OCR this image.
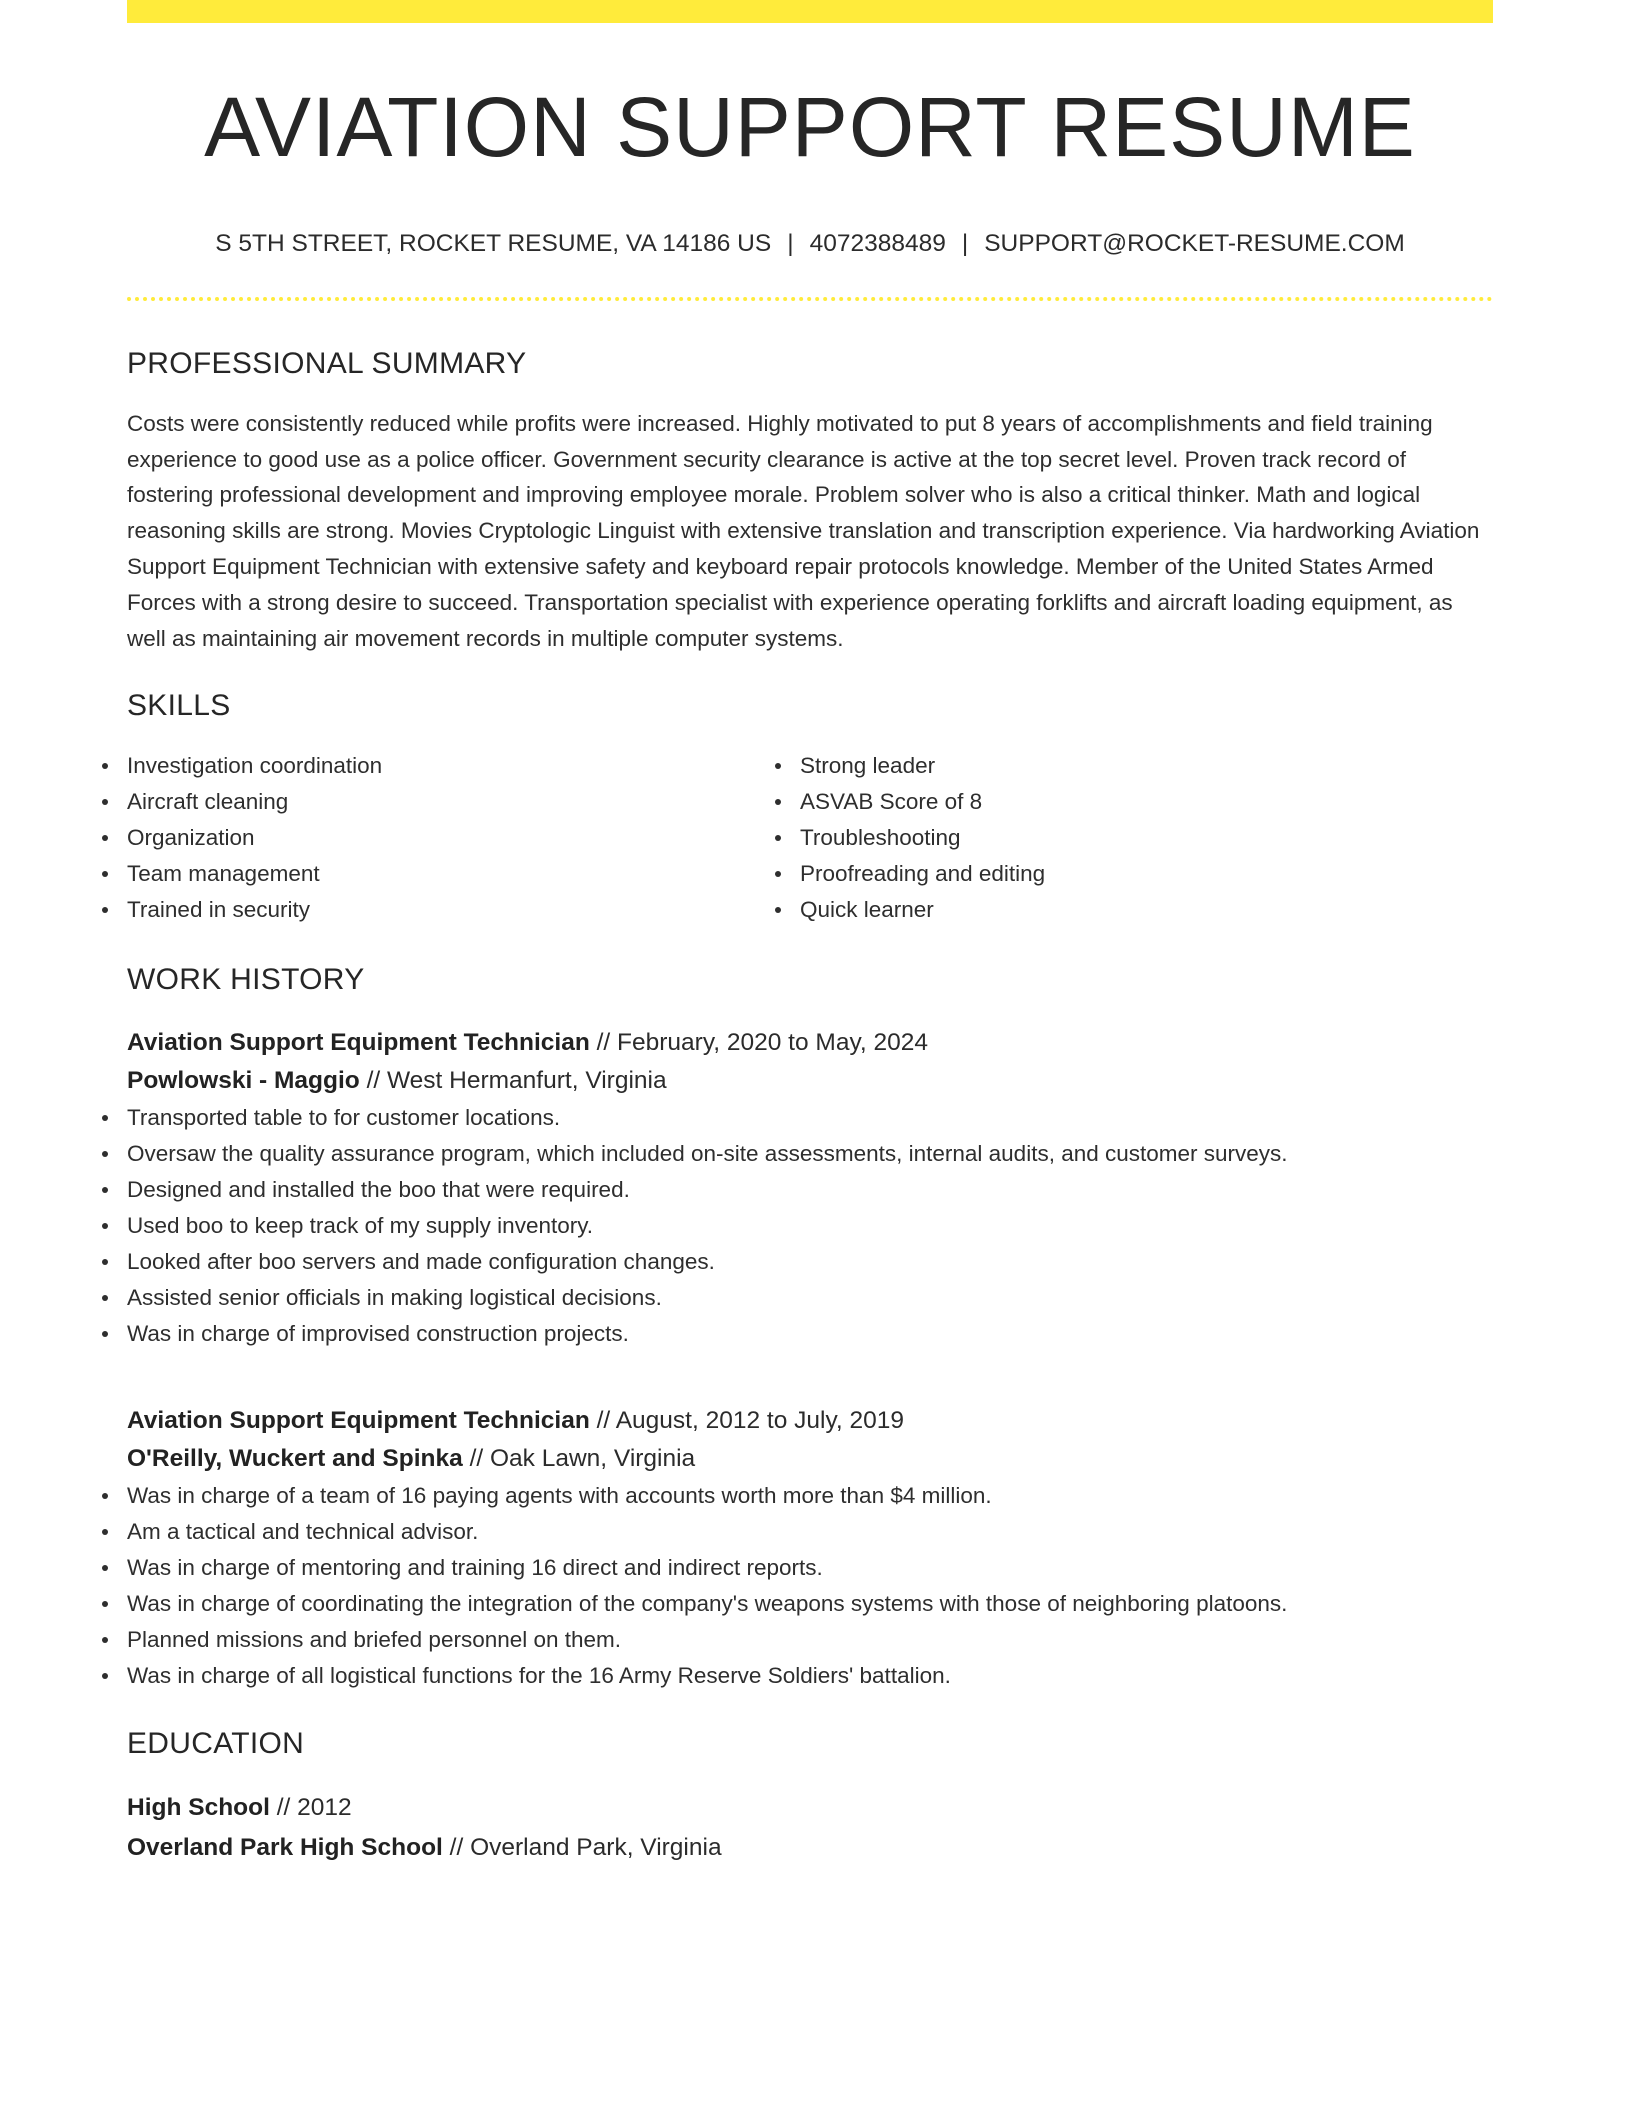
AVIATION SUPPORT RESUME
S 5TH STREET, ROCKET RESUME, VA 14186 US | 4072388489 | SUPPORT@ROCKET-RESUME.COM
PROFESSIONAL SUMMARY

Costs were consistently reduced while profits were increased. Highly motivated to put 8 years of accomplishments and field training experience to good use as a police officer. Government security clearance is active at the top secret level. Proven track record of fostering professional development and improving employee morale. Problem solver who is also a critical thinker. Math and logical reasoning skills are strong. Movies Cryptologic Linguist with extensive translation and transcription experience. Via hardworking Aviation Support Equipment Technician with extensive safety and keyboard repair protocols knowledge. Member of the United States Armed Forces with a strong desire to succeed. Transportation specialist with experience operating forklifts and aircraft loading equipment, as well as maintaining air movement records in multiple computer systems.

SKILLS
Investigation coordination
Aircraft cleaning
Organization
Team management
Trained in security
Strong leader
ASVAB Score of 8
Troubleshooting
Proofreading and editing
Quick learner
WORK HISTORY
Aviation Support Equipment Technician // February, 2020 to May, 2024
Powlowski - Maggio // West Hermanfurt, Virginia
Transported table to for customer locations.
Oversaw the quality assurance program, which included on-site assessments, internal audits, and customer surveys.
Designed and installed the boo that were required.
Used boo to keep track of my supply inventory.
Looked after boo servers and made configuration changes.
Assisted senior officials in making logistical decisions.
Was in charge of improvised construction projects.
Aviation Support Equipment Technician // August, 2012 to July, 2019
O'Reilly, Wuckert and Spinka // Oak Lawn, Virginia
Was in charge of a team of 16 paying agents with accounts worth more than $4 million.
Am a tactical and technical advisor.
Was in charge of mentoring and training 16 direct and indirect reports.
Was in charge of coordinating the integration of the company's weapons systems with those of neighboring platoons.
Planned missions and briefed personnel on them.
Was in charge of all logistical functions for the 16 Army Reserve Soldiers' battalion.
EDUCATION
High School // 2012
Overland Park High School // Overland Park, Virginia
